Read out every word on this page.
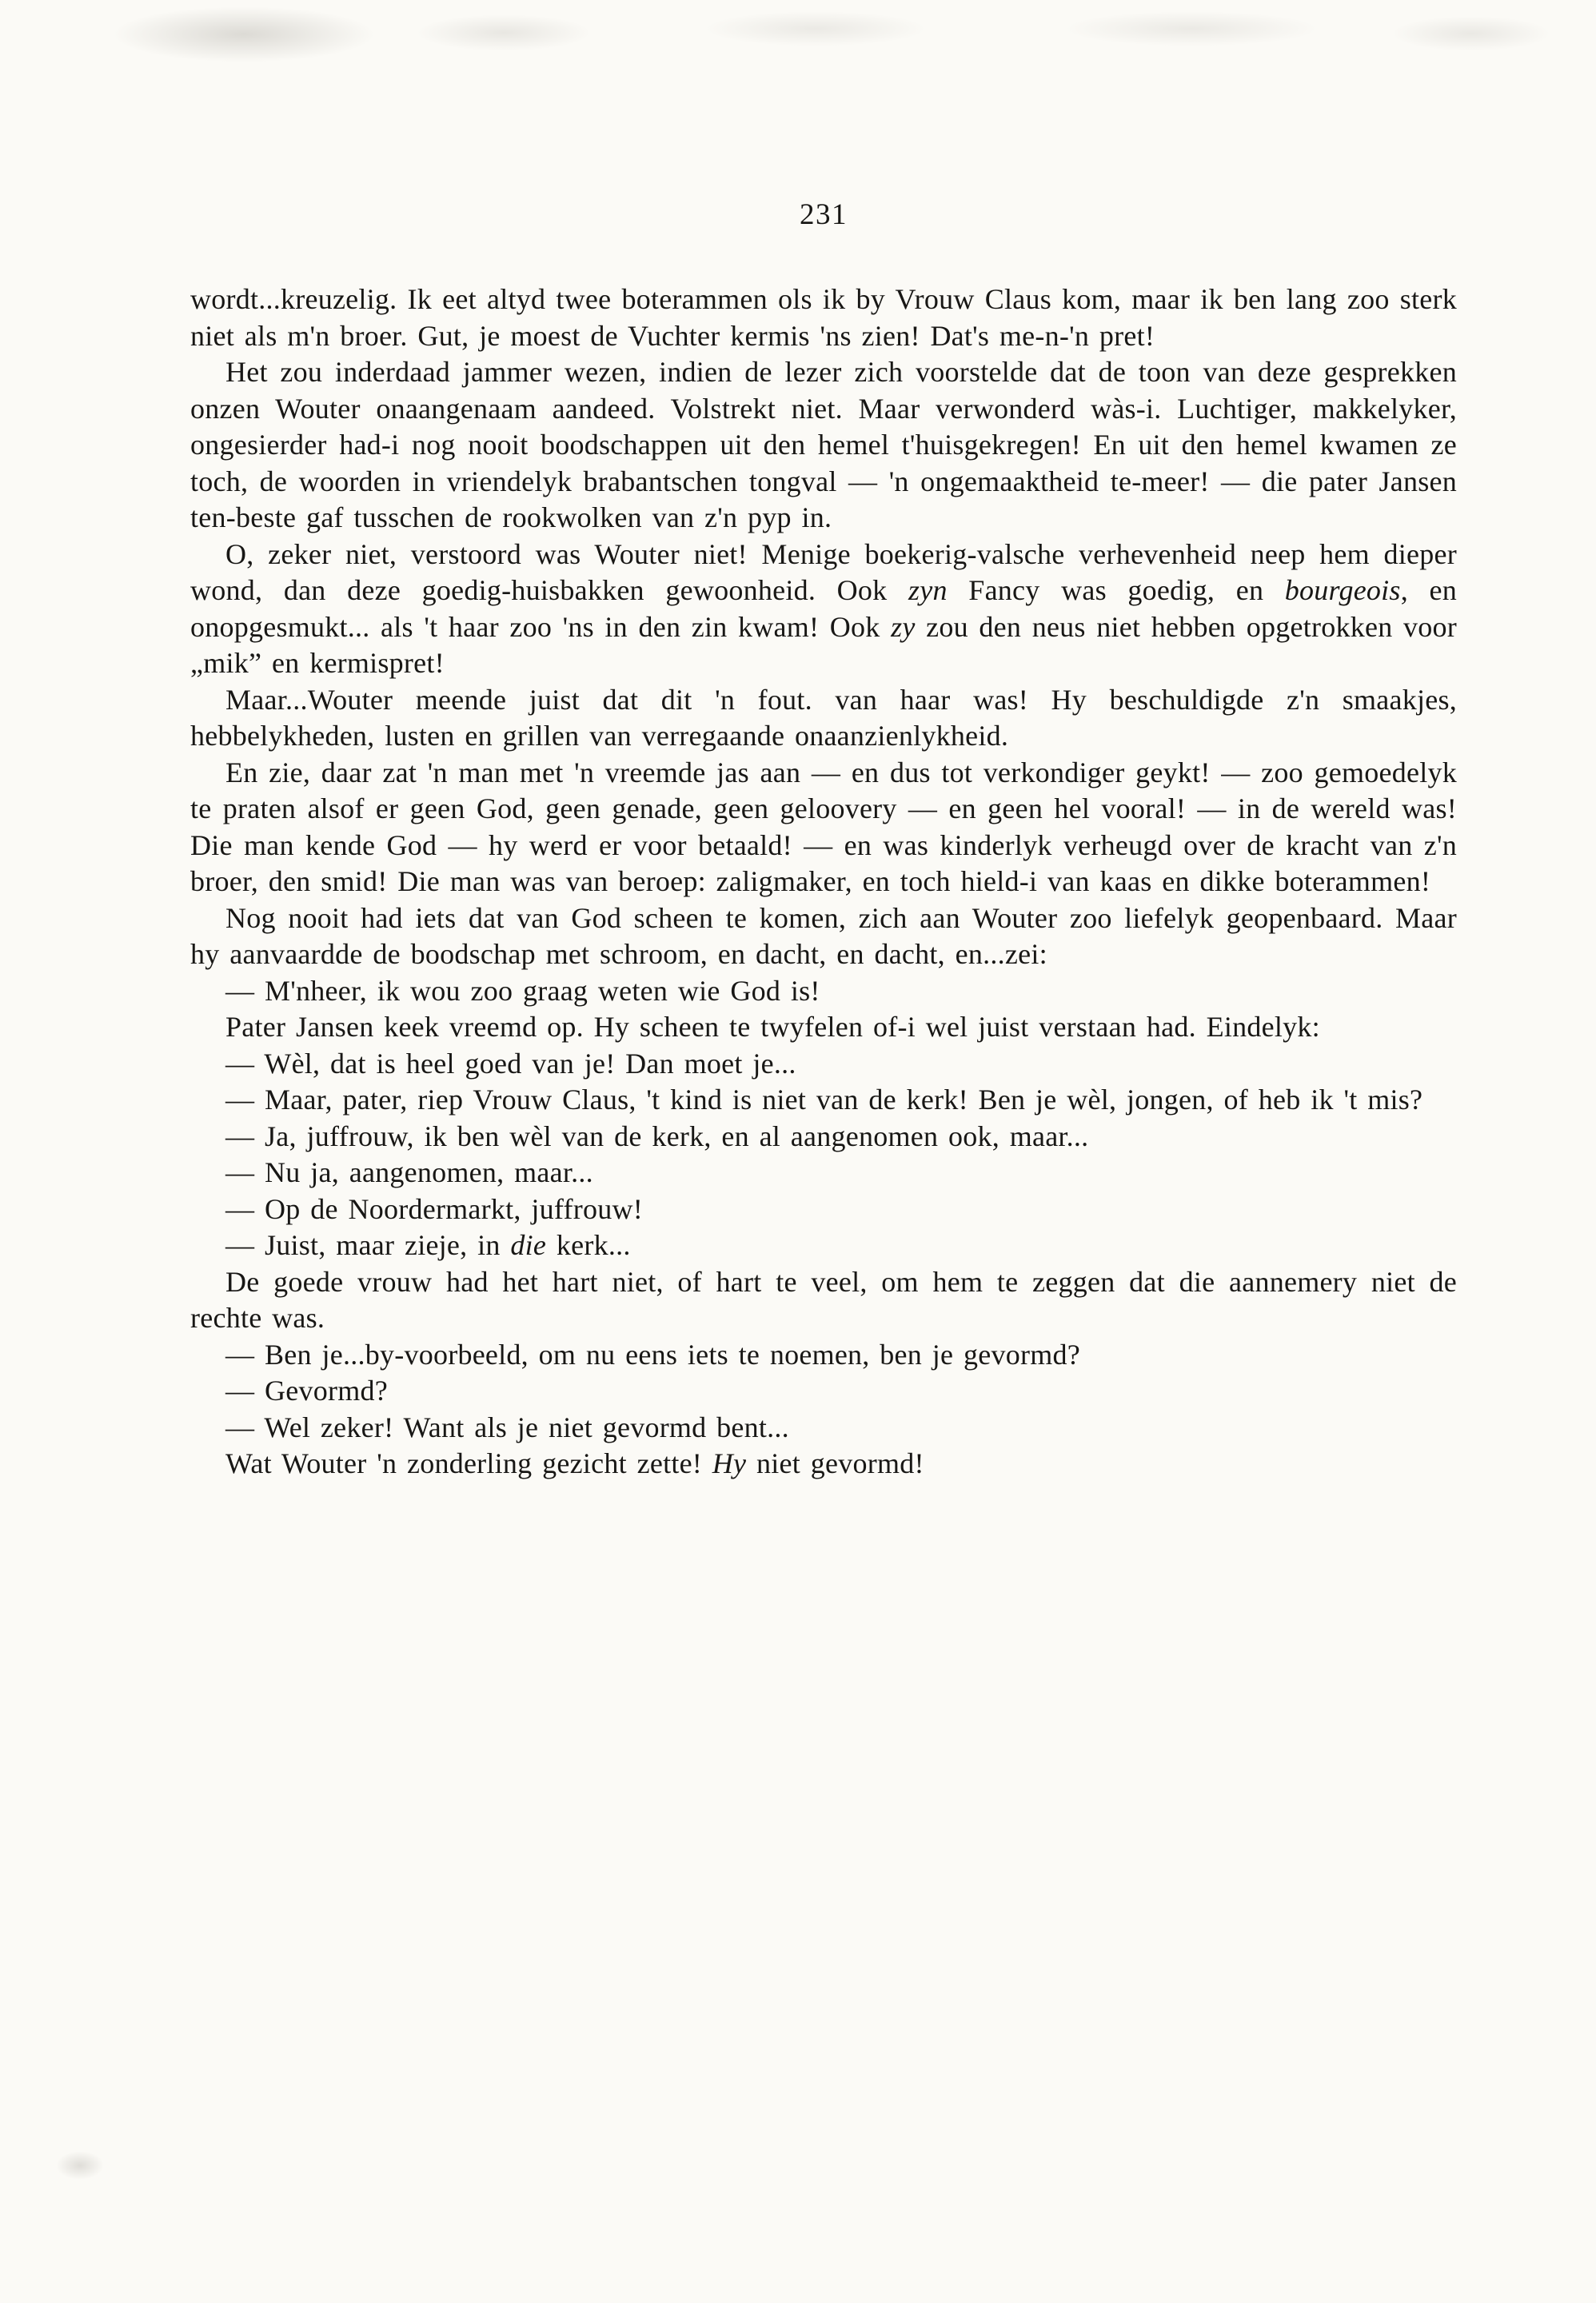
231

wordt...kreuzelig. Ik eet altyd twee boterammen ols ik by Vrouw Claus kom, maar ik ben lang zoo sterk niet als m'n broer. Gut, je moest de Vuchter kermis 'ns zien! Dat's me-n-'n pret!

Het zou inderdaad jammer wezen, indien de lezer zich voorstelde dat de toon van deze gesprekken onzen Wouter onaangenaam aandeed. Volstrekt niet. Maar verwonderd wàs-i. Luchtiger, makkelyker, ongesierder had-i nog nooit boodschappen uit den hemel t'huisgekregen! En uit den hemel kwamen ze toch, de woorden in vriendelyk brabantschen tongval — 'n ongemaaktheid te-meer! — die pater Jansen ten-beste gaf tusschen de rookwolken van z'n pyp in.

O, zeker niet, verstoord was Wouter niet! Menige boekerig-valsche verhevenheid neep hem dieper wond, dan deze goedig-huisbakken gewoonheid. Ook zyn Fancy was goedig, en bourgeois, en onopgesmukt... als 't haar zoo 'ns in den zin kwam! Ook zy zou den neus niet hebben opgetrokken voor „mik” en kermispret!

Maar...Wouter meende juist dat dit 'n fout. van haar was! Hy beschuldigde z'n smaakjes, hebbelykheden, lusten en grillen van verregaande onaanzienlykheid.

En zie, daar zat 'n man met 'n vreemde jas aan — en dus tot verkondiger geykt! — zoo gemoedelyk te praten alsof er geen God, geen genade, geen geloovery — en geen hel vooral! — in de wereld was! Die man kende God — hy werd er voor betaald! — en was kinderlyk verheugd over de kracht van z'n broer, den smid! Die man was van beroep: zaligmaker, en toch hield-i van kaas en dikke boterammen!

Nog nooit had iets dat van God scheen te komen, zich aan Wouter zoo liefelyk geopenbaard. Maar hy aanvaardde de boodschap met schroom, en dacht, en dacht, en...zei:

— M'nheer, ik wou zoo graag weten wie God is!

Pater Jansen keek vreemd op. Hy scheen te twyfelen of-i wel juist verstaan had. Eindelyk:

— Wèl, dat is heel goed van je! Dan moet je...

— Maar, pater, riep Vrouw Claus, 't kind is niet van de kerk! Ben je wèl, jongen, of heb ik 't mis?

— Ja, juffrouw, ik ben wèl van de kerk, en al aangenomen ook, maar...

— Nu ja, aangenomen, maar...

— Op de Noordermarkt, juffrouw!

— Juist, maar zieje, in die kerk...

De goede vrouw had het hart niet, of hart te veel, om hem te zeggen dat die aannemery niet de rechte was.

— Ben je...by-voorbeeld, om nu eens iets te noemen, ben je gevormd?

— Gevormd?

— Wel zeker! Want als je niet gevormd bent...

Wat Wouter 'n zonderling gezicht zette! Hy niet gevormd!
